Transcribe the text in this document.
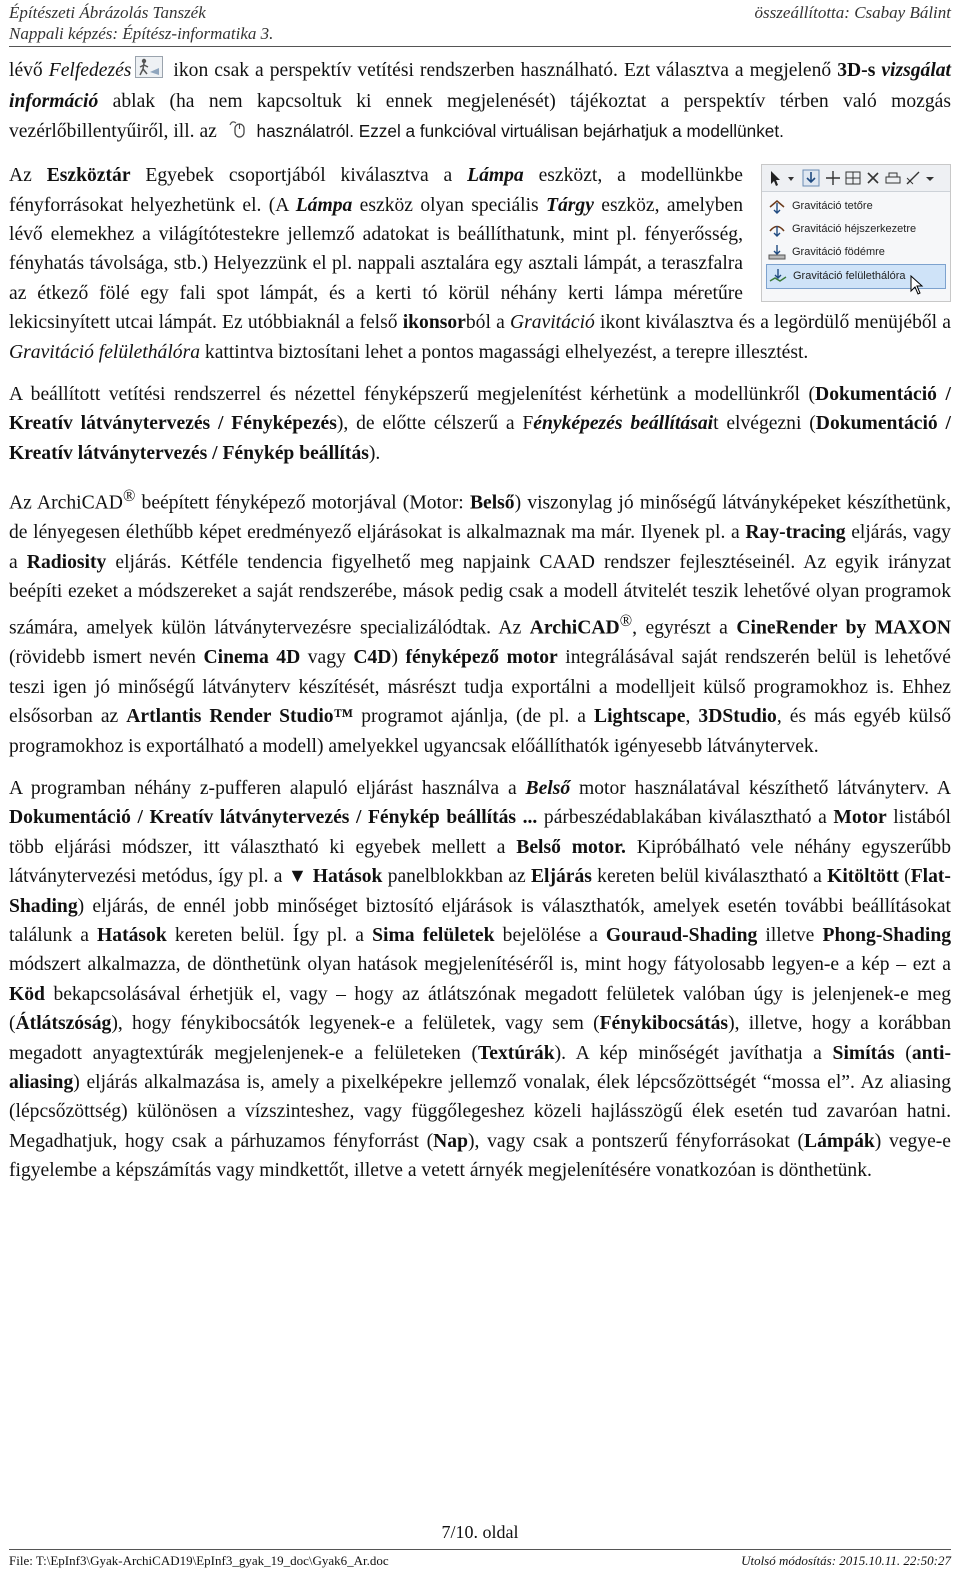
Építészeti Ábrázolás Tanszék
Nappali képzés: Építész-informatika 3.
összeállította: Csabay Bálint

lévő Felfedezés ikon csak a perspektív vetítési rendszerben használható. Ezt választva a megjelenő 3D-s vizsgálat információ ablak (ha nem kapcsoltuk ki ennek megjelenését) tájékoztat a perspektív térben való mozgás vezérlőbillentyűiről, ill. az  használatról. Ezzel a funkcióval virtuálisan bejárhatjuk a modellünket.

Gravitáció tetőre
Gravitáció héjszerkezetre
Gravitáció födémre
Gravitáció felülethálóra
Az Eszköztár Egyebek csoportjából kiválasztva a Lámpa eszközt, a modellünkbe fényforrásokat helyezhetünk el. (A Lámpa eszköz olyan speciális Tárgy eszköz, amelyben lévő elemekhez a világítótestekre jellemző adatokat is beállíthatunk, mint pl. fényerősség, fényhatás távolsága, stb.) Helyezzünk el pl. nappali asztalára egy asztali lámpát, a teraszfalra az étkező fölé egy fali spot lámpát, és a kerti tó körül néhány kerti lámpa méretűre lekicsinyített utcai lámpát. Ez utóbbiaknál a felső ikonsorból a Gravitáció ikont kiválasztva és a legördülő menüjéből a Gravitáció felülethálóra kattintva biztosítani lehet a pontos magassági elhelyezést, a terepre illesztést.

A beállított vetítési rendszerrel és nézettel fényképszerű megjelenítést kérhetünk a modellünkről (Dokumentáció / Kreatív látványtervezés / Fényképezés), de előtte célszerű a Fényképezés beállításait elvégezni (Dokumentáció / Kreatív látványtervezés / Fénykép beállítás).

Az ArchiCAD® beépített fényképező motorjával (Motor: Belső) viszonylag jó minőségű látványképeket készíthetünk, de lényegesen élethűbb képet eredményező eljárásokat is alkalmaznak ma már. Ilyenek pl. a Ray-tracing eljárás, vagy a Radiosity eljárás. Kétféle tendencia figyelhető meg napjaink CAAD rendszer fejlesztéseinél. Az egyik irányzat beépíti ezeket a módszereket a saját rendszerébe, mások pedig csak a modell átvitelét teszik lehetővé olyan programok számára, amelyek külön látványtervezésre specializálódtak. Az ArchiCAD®, egyrészt a CineRender by MAXON (rövidebb ismert nevén Cinema 4D vagy C4D) fényképező motor integrálásával saját rendszerén belül is lehetővé teszi igen jó minőségű látványterv készítését, másrészt tudja exportálni a modelljeit külső programokhoz is. Ehhez elsősorban az Artlantis Render Studio™ programot ajánlja, (de pl. a Lightscape, 3DStudio, és más egyéb külső programokhoz is exportálható a modell) amelyekkel ugyancsak előállíthatók igényesebb látványtervek.

A programban néhány z-pufferen alapuló eljárást használva a Belső motor használatával készíthető látványterv. A Dokumentáció / Kreatív látványtervezés / Fénykép beállítás ... párbeszédablakában kiválasztható a Motor listából több eljárási módszer, itt választható ki egyebek mellett a Belső motor. Kipróbálható vele néhány egyszerűbb látványtervezési metódus, így pl. a ▼ Hatások panelblokkban az Eljárás kereten belül kiválasztható a Kitöltött (Flat-Shading) eljárás, de ennél jobb minőséget biztosító eljárások is választhatók, amelyek esetén további beállításokat találunk a Hatások kereten belül. Így pl. a Sima felületek bejelölése a Gouraud-Shading illetve Phong-Shading módszert alkalmazza, de dönthetünk olyan hatások megjelenítéséről is, mint hogy fátyolosabb legyen-e a kép – ezt a Köd bekapcsolásával érhetjük el, vagy – hogy az átlátszónak megadott felületek valóban úgy is jelenjenek-e meg (Átlátszóság), hogy fénykibocsátók legyenek-e a felületek, vagy sem (Fénykibocsátás), illetve, hogy a korábban megadott anyagtextúrák megjelenjenek-e a felületeken (Textúrák). A kép minőségét javíthatja a Simítás (anti-aliasing) eljárás alkalmazása is, amely a pixelképekre jellemző vonalak, élek lépcsőzöttségét “mossa el”. Az aliasing (lépcsőzöttség) különösen a vízszinteshez, vagy függőlegeshez közeli hajlásszögű élek esetén tud zavaróan hatni. Megadhatjuk, hogy csak a párhuzamos fényforrást (Nap), vagy csak a pontszerű fényforrásokat (Lámpák) vegye-e figyelembe a képszámítás vagy mindkettőt, illetve a vetett árnyék megjelenítésére vonatkozóan is dönthetünk.

7/10. oldal
File: T:\EpInf3\Gyak-ArchiCAD19\EpInf3_gyak_19_doc\Gyak6_Ar.doc	Utolsó módosítás: 2015.10.11. 22:50:27
